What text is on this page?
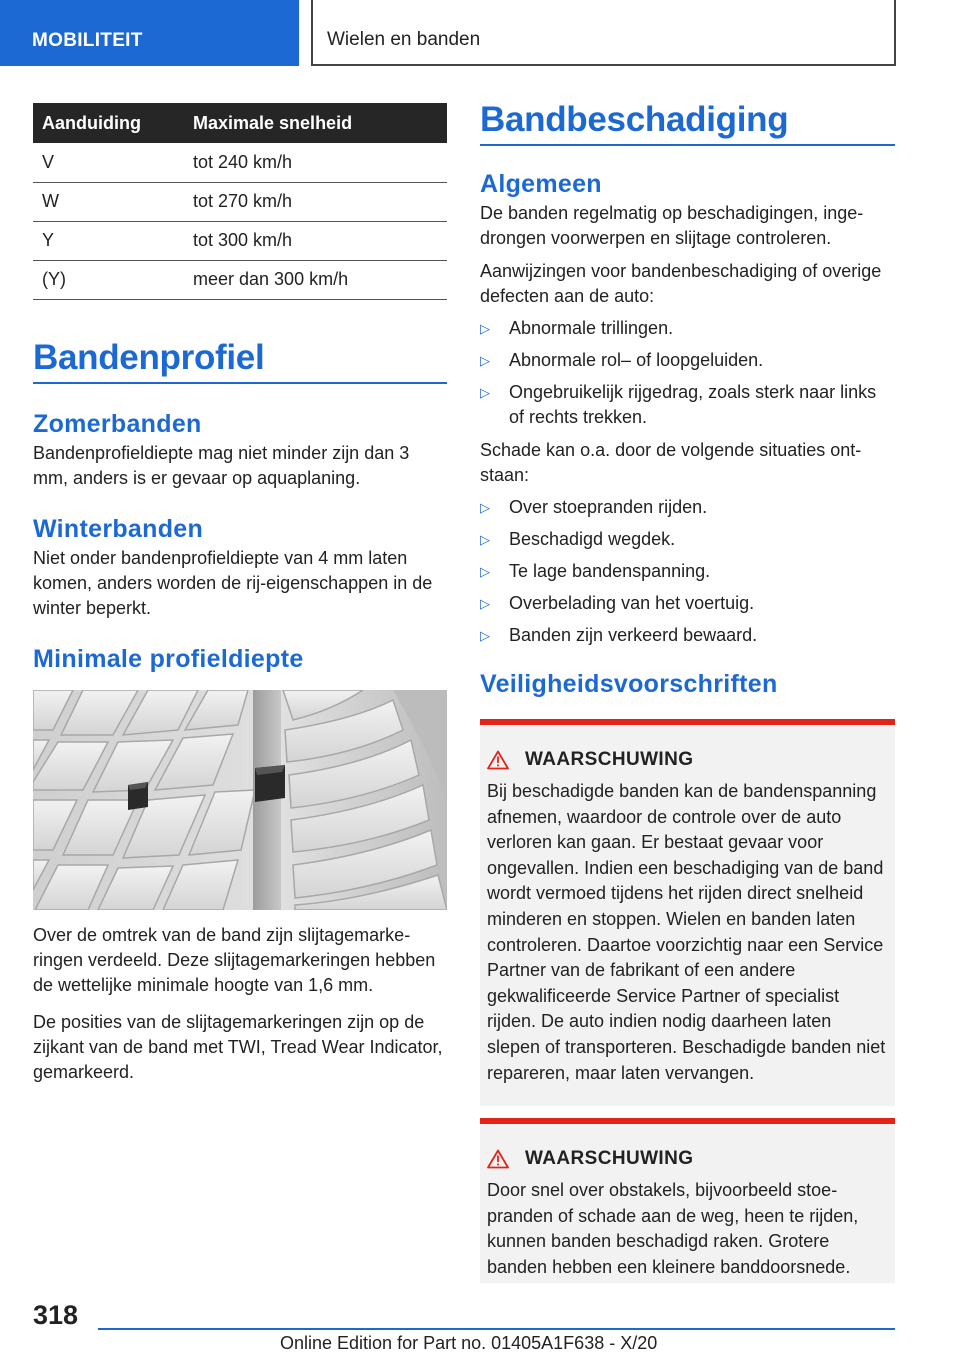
MOBILITEIT	Wielen en banden
Aanduiding	Maximale snelheid
V	tot 240 km/h
W	tot 270 km/h
Y	tot 300 km/h
(Y)	meer dan 300 km/h
Bandenprofiel
Zomerbanden

Bandenprofieldiepte mag niet minder zijn dan 3 mm, anders is er gevaar op aquaplaning.

Winterbanden

Niet onder bandenprofieldiepte van 4 mm laten komen, anders worden de rij-eigenschappen in de winter beperkt.

Minimale profieldiepte

Over de omtrek van de band zijn slijtagemarkeringen verdeeld. Deze slijtagemarkeringen hebben de wettelijke minimale hoogte van 1,6 mm.

De posities van de slijtagemarkeringen zijn op de zijkant van de band met TWI, Tread Wear Indicator, gemarkeerd.

Bandbeschadiging
Algemeen

De banden regelmatig op beschadigingen, ingedrongen voorwerpen en slijtage controleren.

Aanwijzingen voor bandenbeschadiging of overige defecten aan de auto:

▷ Abnormale trillingen.
▷ Abnormale rol– of loopgeluiden.
▷ Ongebruikelijk rijgedrag, zoals sterk naar links of rechts trekken.

Schade kan o.a. door de volgende situaties ontstaan:

▷ Over stoepranden rijden.
▷ Beschadigd wegdek.
▷ Te lage bandenspanning.
▷ Overbelading van het voertuig.
▷ Banden zijn verkeerd bewaard.
Veiligheidsvoorschriften
WAARSCHUWING

Bij beschadigde banden kan de bandenspanning afnemen, waardoor de controle over de auto verloren kan gaan. Er bestaat gevaar voor ongevallen. Indien een beschadiging van de band wordt vermoed tijdens het rijden direct snelheid minderen en stoppen. Wielen en banden laten controleren. Daartoe voorzichtig naar een Service Partner van de fabrikant of een andere gekwalificeerde Service Partner of specialist rijden. De auto indien nodig daarheen laten slepen of transporteren. Beschadigde banden niet repareren, maar laten vervangen.

WAARSCHUWING

Door snel over obstakels, bijvoorbeeld stoepranden of schade aan de weg, heen te rijden, kunnen banden beschadigd raken. Grotere banden hebben een kleinere banddoorsnede.

318
Online Edition for Part no. 01405A1F638 - X/20
